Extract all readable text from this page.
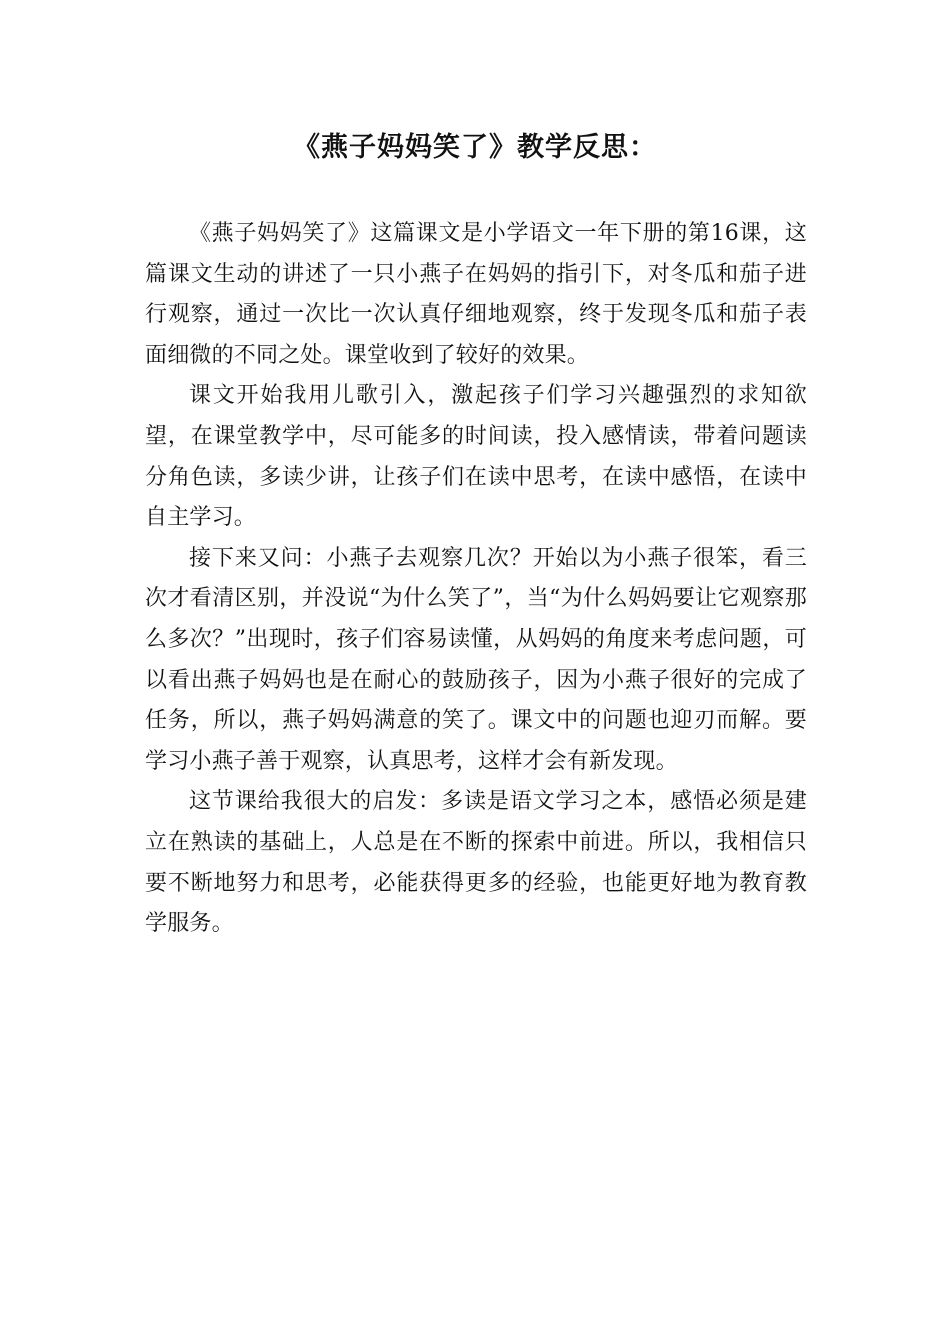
《燕子妈妈笑了》教学反思：

《燕子妈妈笑了》这篇课文是小学语文一年下册的第16课，这篇课文生动的讲述了一只小燕子在妈妈的指引下，对冬瓜和茄子进行观察，通过一次比一次认真仔细地观察，终于发现冬瓜和茄子表面细微的不同之处。课堂收到了较好的效果。

课文开始我用儿歌引入，激起孩子们学习兴趣强烈的求知欲望，在课堂教学中，尽可能多的时间读，投入感情读，带着问题读分角色读，多读少讲，让孩子们在读中思考，在读中感悟，在读中自主学习。

接下来又问：小燕子去观察几次？开始以为小燕子很笨，看三次才看清区别，并没说“为什么笑了”，当“为什么妈妈要让它观察那么多次？”出现时，孩子们容易读懂，从妈妈的角度来考虑问题，可以看出燕子妈妈也是在耐心的鼓励孩子，因为小燕子很好的完成了任务，所以，燕子妈妈满意的笑了。课文中的问题也迎刃而解。要学习小燕子善于观察，认真思考，这样才会有新发现。

这节课给我很大的启发：多读是语文学习之本，感悟必须是建立在熟读的基础上，人总是在不断的探索中前进。所以，我相信只要不断地努力和思考，必能获得更多的经验，也能更好地为教育教学服务。
